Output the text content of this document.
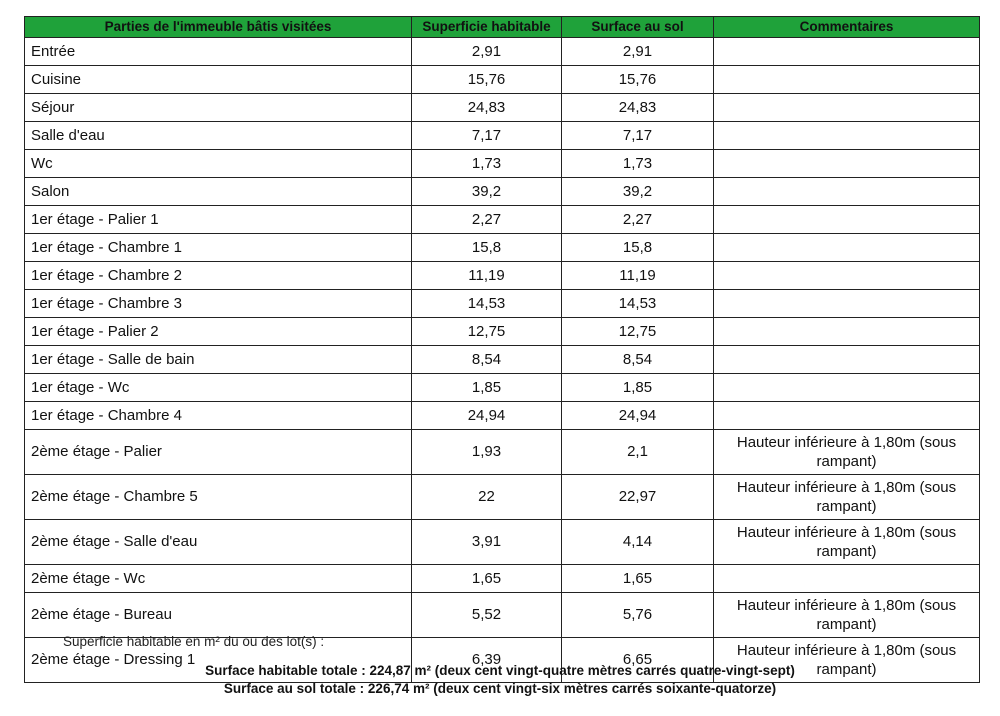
Parties de l'immeuble bâtis visitées	Superficie habitable	Surface au sol	Commentaires
Entrée	2,91	2,91	
Cuisine	15,76	15,76	
Séjour	24,83	24,83	
Salle d'eau	7,17	7,17	
Wc	1,73	1,73	
Salon	39,2	39,2	
1er étage - Palier 1	2,27	2,27	
1er étage - Chambre 1	15,8	15,8	
1er étage - Chambre 2	11,19	11,19	
1er étage - Chambre 3	14,53	14,53	
1er étage - Palier 2	12,75	12,75	
1er étage - Salle de bain	8,54	8,54	
1er étage - Wc	1,85	1,85	
1er étage - Chambre 4	24,94	24,94	
2ème étage - Palier	1,93	2,1	Hauteur inférieure à 1,80m (sous rampant)
2ème étage - Chambre 5	22	22,97	Hauteur inférieure à 1,80m (sous rampant)
2ème étage - Salle d'eau	3,91	4,14	Hauteur inférieure à 1,80m (sous rampant)
2ème étage - Wc	1,65	1,65	
2ème étage - Bureau	5,52	5,76	Hauteur inférieure à 1,80m (sous rampant)
2ème étage - Dressing 1	6,39	6,65	Hauteur inférieure à 1,80m (sous rampant)
Superficie habitable en m² du ou des lot(s) :
Surface habitable totale : 224,87 m² (deux cent vingt-quatre mètres carrés quatre-vingt-sept)
Surface au sol totale : 226,74 m² (deux cent vingt-six mètres carrés soixante-quatorze)
